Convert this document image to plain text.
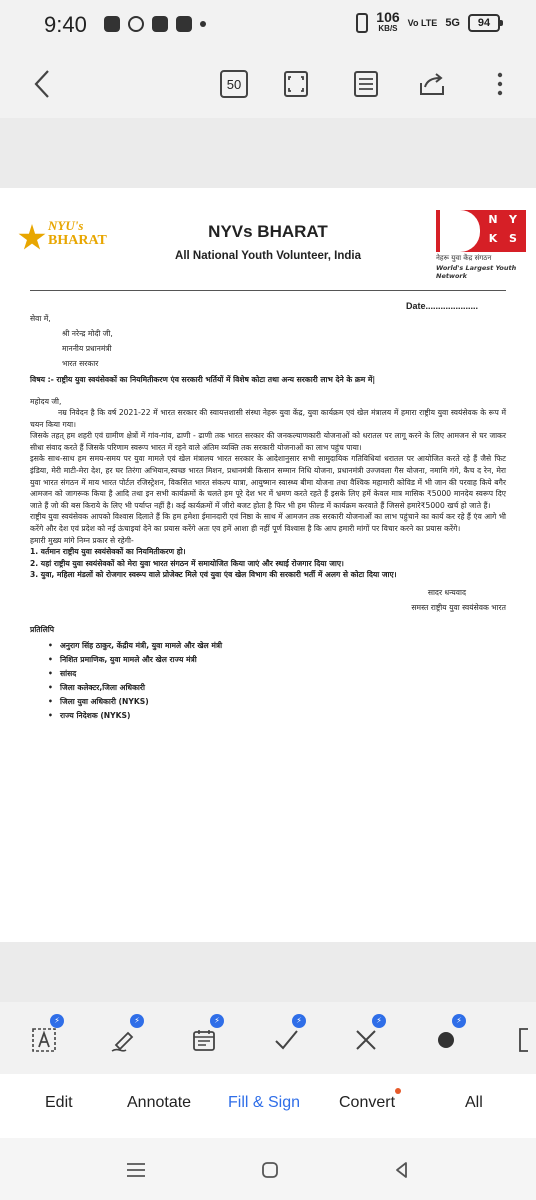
9:40	106
KB/S
Vo LTE 5G	94
50
NYU's
BHARAT	NYVs BHARAT
All National Youth Volunteer, India
N	Y
K	S
नेहरू युवा केंद्र संगठन
World's Largest Youth Network
Date.....................

सेवा में,

श्री नरेन्द्र मोदी जी,

माननीय प्रधानमंत्री

भारत सरकार

विषय :- राष्ट्रीय युवा स्वयंसेवकों का नियमितीकरण एंव सरकारी भर्तियों में विशेष कोटा तथा अन्य सरकारी लाभ देने के क्रम में|
महोदय जी,

नम्र निवेदन है कि वर्ष 2021-22 में भारत सरकार की स्वायत्तशासी संस्था नेहरू युवा केंद्र, युवा कार्यक्रम एवं खेल मंत्रालय में हमारा राष्ट्रीय युवा स्वयंसेवक के रूप में चयन किया गया।

जिसके तहत् हम शहरी एवं ग्रामीण क्षेत्रों में गांव-गांव, ढाणी - ढाणी तक भारत सरकार की जनकल्याणकारी योजनाओं को धरातल पर लागू करने के लिए आमजन से घर जाकर सीधा संवाद करते हैं जिसके परिणाम स्वरूप भारत में रहने वाले अंतिम व्यक्ति तक सरकारी योजनाओं का लाभ पहुंच पाया।

इसके साथ-साथ हम समय-समय पर युवा मामले एवं खेल मंत्रालय भारत सरकार के आदेशानुसार सभी सामुदायिक गतिविधियां धरातल पर आयोजित करते रहे हैं जैसे फिट इंडिया, मेरी माटी-मेरा देश, हर घर तिरंगा अभियान,स्वच्छ भारत मिशन, प्रधानमंत्री किसान सम्मान निधि योजना, प्रधानमंत्री उज्जवला गैस योजना, नमामि गंगे, कैच द रेन, मेरा युवा भारत संगठन में माय भारत पोर्टल रजिस्ट्रेशन, विकसित भारत संकल्प यात्रा, आयुष्मान स्वास्थ्य बीमा योजना तथा वैश्विक महामारी कोविड में भी जान की परवाह किये बगैर आमजन को जागरूक किया है आदि तथा इन सभी कार्यक्रमों के चलते हम पूरे देश भर में भ्रमण करते रहते हैं इसके लिए हमें केवल मात्र मासिक ₹5000 मानदेय स्वरूप दिए जाते हैं जो की बस किराये के लिए भी पर्याप्त नहीं है। कई कार्यक्रमों में जीरो बजट होता है फिर भी हम फील्ड में कार्यक्रम करवाते हैं जिससे हमारे₹5000 खर्च हो जाते हैं।

राष्ट्रीय युवा स्वयंसेवक आपको विश्वास दिलाते हैं कि हम हमेशा ईमानदारी एवं निष्ठा के साथ में आमजन तक सरकारी योजनाओं का लाभ पहुंचाने का कार्य कर रहे हैं एंव आगे भी करेंगे और देश एवं प्रदेश को नई ऊंचाइयां देने का प्रयास करेंगे अतः एव हमें आशा ही नहीं पूर्ण विश्वास है कि आप हमारी मांगों पर विचार करने का प्रयास करेंगे।

हमारी मुख्य मांगे निम्न प्रकार से रहेगी-

1. वर्तमान राष्ट्रीय युवा स्वयंसेवकों का नियमितीकरण हो।

2. यहां राष्ट्रीय युवा स्वयंसेवकों को मेरा युवा भारत संगठन में समायोजित किया जाएं और स्थाई रोजगार दिया जाए।

3. युवा, महिला मंडलों को रोजगार स्वरूप वाले प्रोजेक्ट मिले एवं युवा एंव खेल विभाग की सरकारी भर्ती में अलग से कोटा दिया जाए।

सादर धन्यवाद
समस्त राष्ट्रीय युवा स्वयंसेवक भारत
प्रतिलिपि
• अनुराग सिंह ठाकुर, केंद्रीय मंत्री, युवा मामले और खेल मंत्री
• निशित प्रमाणिक, युवा मामले और खेल राज्य मंत्री
• सांसद
• जिला कलेक्टर,जिला अधिकारी
• जिला युवा अधिकारी (NYKS)
• राज्य निदेशक (NYKS)
⚡	⚡	⚡	⚡	⚡	⚡
Edit	Annotate Fill & Sign Convert	All
